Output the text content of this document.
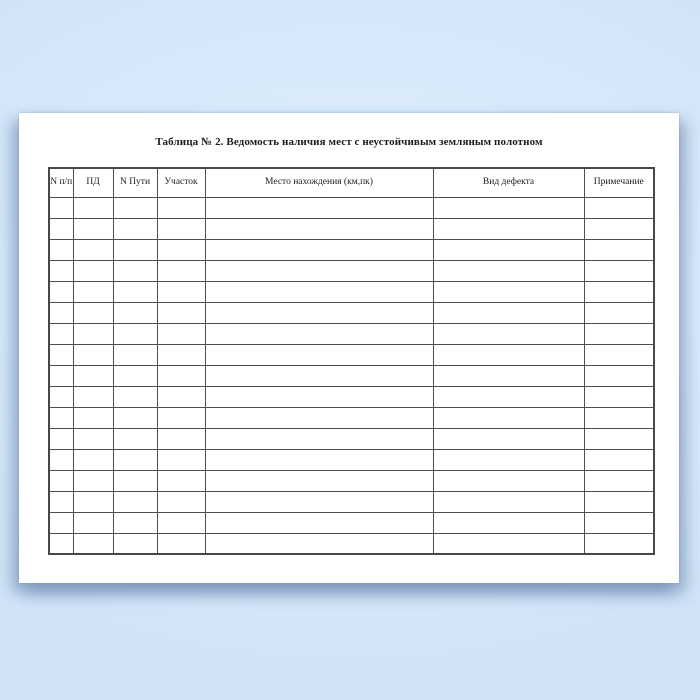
Таблица № 2. Ведомость наличия мест с неустойчивым земляным полотном
N п/п	ПД	N Пути	Участок	Место нахождения (км,пк)	Вид дефекта	Примечание
